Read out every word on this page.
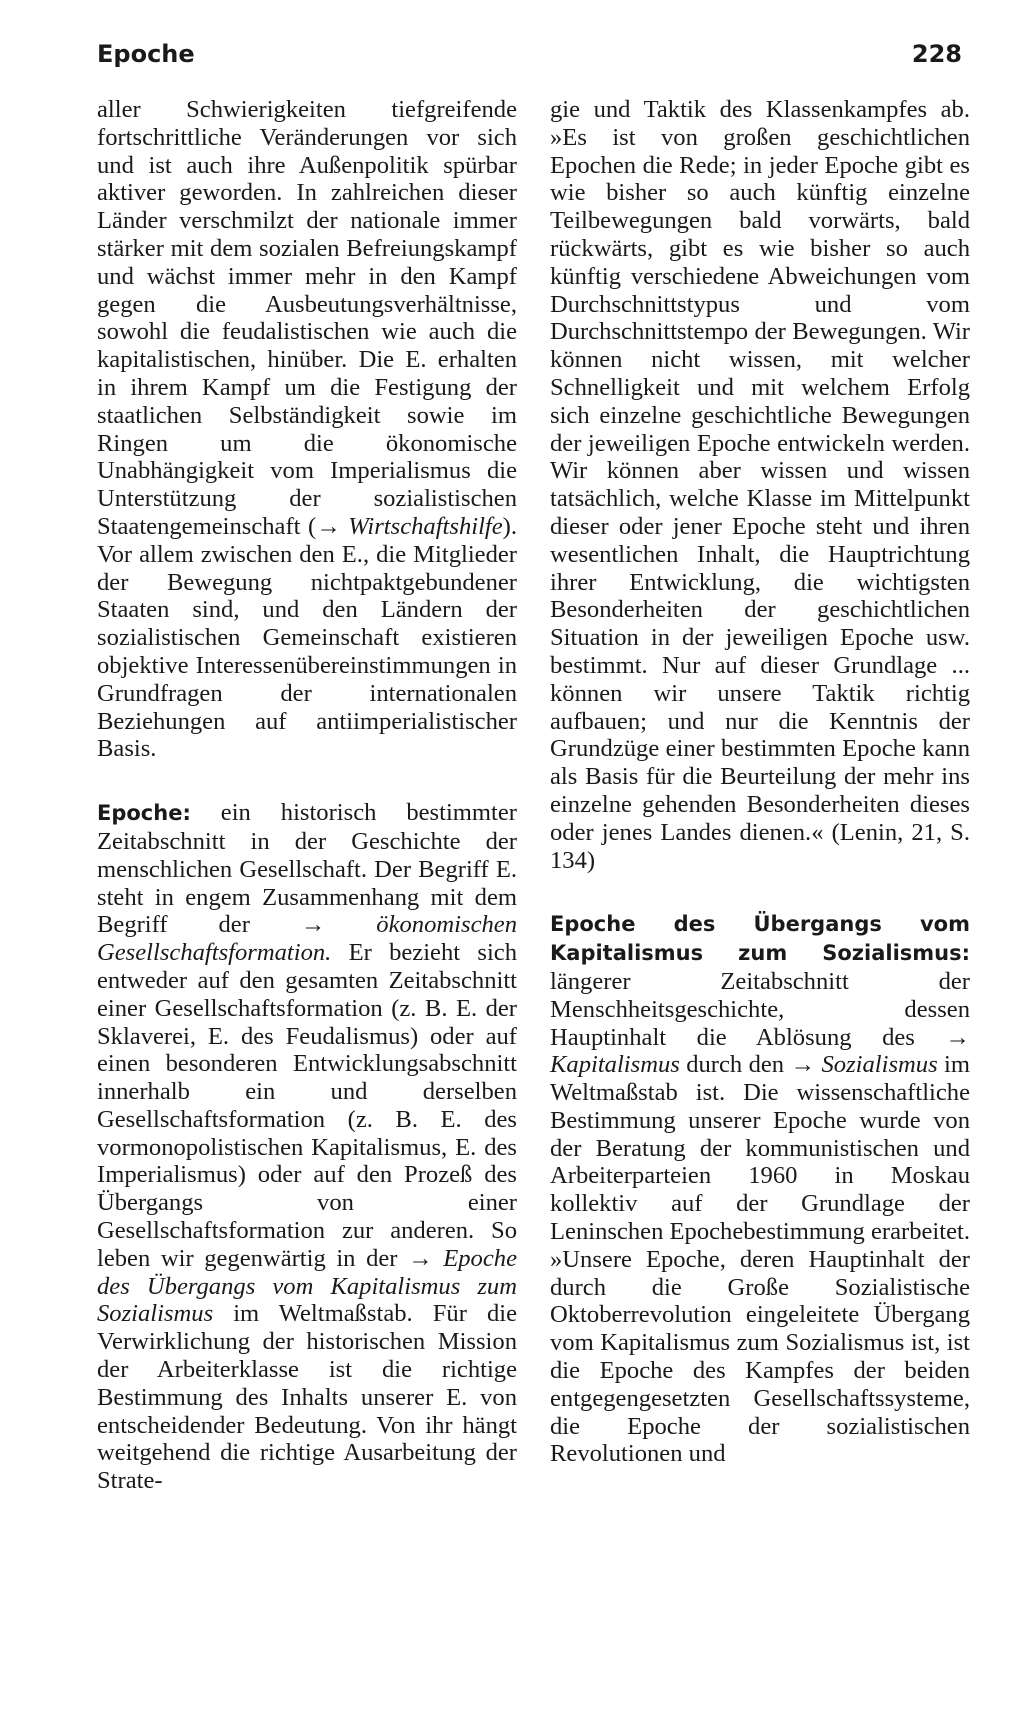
Epoche	228

aller Schwierigkeiten tiefgreifende fortschrittliche Veränderungen vor sich und ist auch ihre Außenpolitik spürbar aktiver geworden. In zahlreichen dieser Länder verschmilzt der nationale immer stärker mit dem sozialen Befreiungskampf und wächst immer mehr in den Kampf gegen die Ausbeutungsverhältnisse, sowohl die feudalistischen wie auch die kapitalistischen, hinüber. Die E. erhalten in ihrem Kampf um die Festigung der staatlichen Selbständigkeit sowie im Ringen um die ökonomische Unabhängigkeit vom Imperialismus die Unterstützung der sozialistischen Staatengemeinschaft (→ Wirtschaftshilfe). Vor allem zwischen den E., die Mitglieder der Bewegung nichtpaktgebundener Staaten sind, und den Ländern der sozialistischen Gemeinschaft existieren objektive Interessenübereinstimmungen in Grundfragen der internationalen Beziehungen auf antiimperialistischer Basis.

Epoche: ein historisch bestimmter Zeitabschnitt in der Geschichte der menschlichen Gesellschaft. Der Begriff E. steht in engem Zusammenhang mit dem Begriff der → ökonomischen Gesellschaftsformation. Er bezieht sich entweder auf den gesamten Zeitabschnitt einer Gesellschaftsformation (z. B. E. der Sklaverei, E. des Feudalismus) oder auf einen besonderen Entwicklungsabschnitt innerhalb ein und derselben Gesellschaftsformation (z. B. E. des vormonopolistischen Kapitalismus, E. des Imperialismus) oder auf den Prozeß des Übergangs von einer Gesellschaftsformation zur anderen. So leben wir gegenwärtig in der → Epoche des Übergangs vom Kapitalismus zum Sozialismus im Weltmaßstab. Für die Verwirklichung der historischen Mission der Arbeiterklasse ist die richtige Bestimmung des Inhalts unserer E. von entscheidender Bedeutung. Von ihr hängt weitgehend die richtige Ausarbeitung der Strate-

gie und Taktik des Klassenkampfes ab. »Es ist von großen geschichtlichen Epochen die Rede; in jeder Epoche gibt es wie bisher so auch künftig einzelne Teilbewegungen bald vorwärts, bald rückwärts, gibt es wie bisher so auch künftig verschiedene Abweichungen vom Durchschnittstypus und vom Durchschnittstempo der Bewegungen. Wir können nicht wissen, mit welcher Schnelligkeit und mit welchem Erfolg sich einzelne geschichtliche Bewegungen der jeweiligen Epoche entwickeln werden. Wir können aber wissen und wissen tatsächlich, welche Klasse im Mittelpunkt dieser oder jener Epoche steht und ihren wesentlichen Inhalt, die Hauptrichtung ihrer Entwicklung, die wichtigsten Besonderheiten der geschichtlichen Situation in der jeweiligen Epoche usw. bestimmt. Nur auf dieser Grundlage ... können wir unsere Taktik richtig aufbauen; und nur die Kenntnis der Grundzüge einer bestimmten Epoche kann als Basis für die Beurteilung der mehr ins einzelne gehenden Besonderheiten dieses oder jenes Landes dienen.« (Lenin, 21, S. 134)

Epoche des Übergangs vom Kapitalismus zum Sozialismus: längerer Zeitabschnitt der Menschheitsgeschichte, dessen Hauptinhalt die Ablösung des → Kapitalismus durch den → Sozialismus im Weltmaßstab ist. Die wissenschaftliche Bestimmung unserer Epoche wurde von der Beratung der kommunistischen und Arbeiterparteien 1960 in Moskau kollektiv auf der Grundlage der Leninschen Epochebestimmung erarbeitet. »Unsere Epoche, deren Hauptinhalt der durch die Große Sozialistische Oktoberrevolution eingeleitete Übergang vom Kapitalismus zum Sozialismus ist, ist die Epoche des Kampfes der beiden entgegengesetzten Gesellschaftssysteme, die Epoche der sozialistischen Revolutionen und
